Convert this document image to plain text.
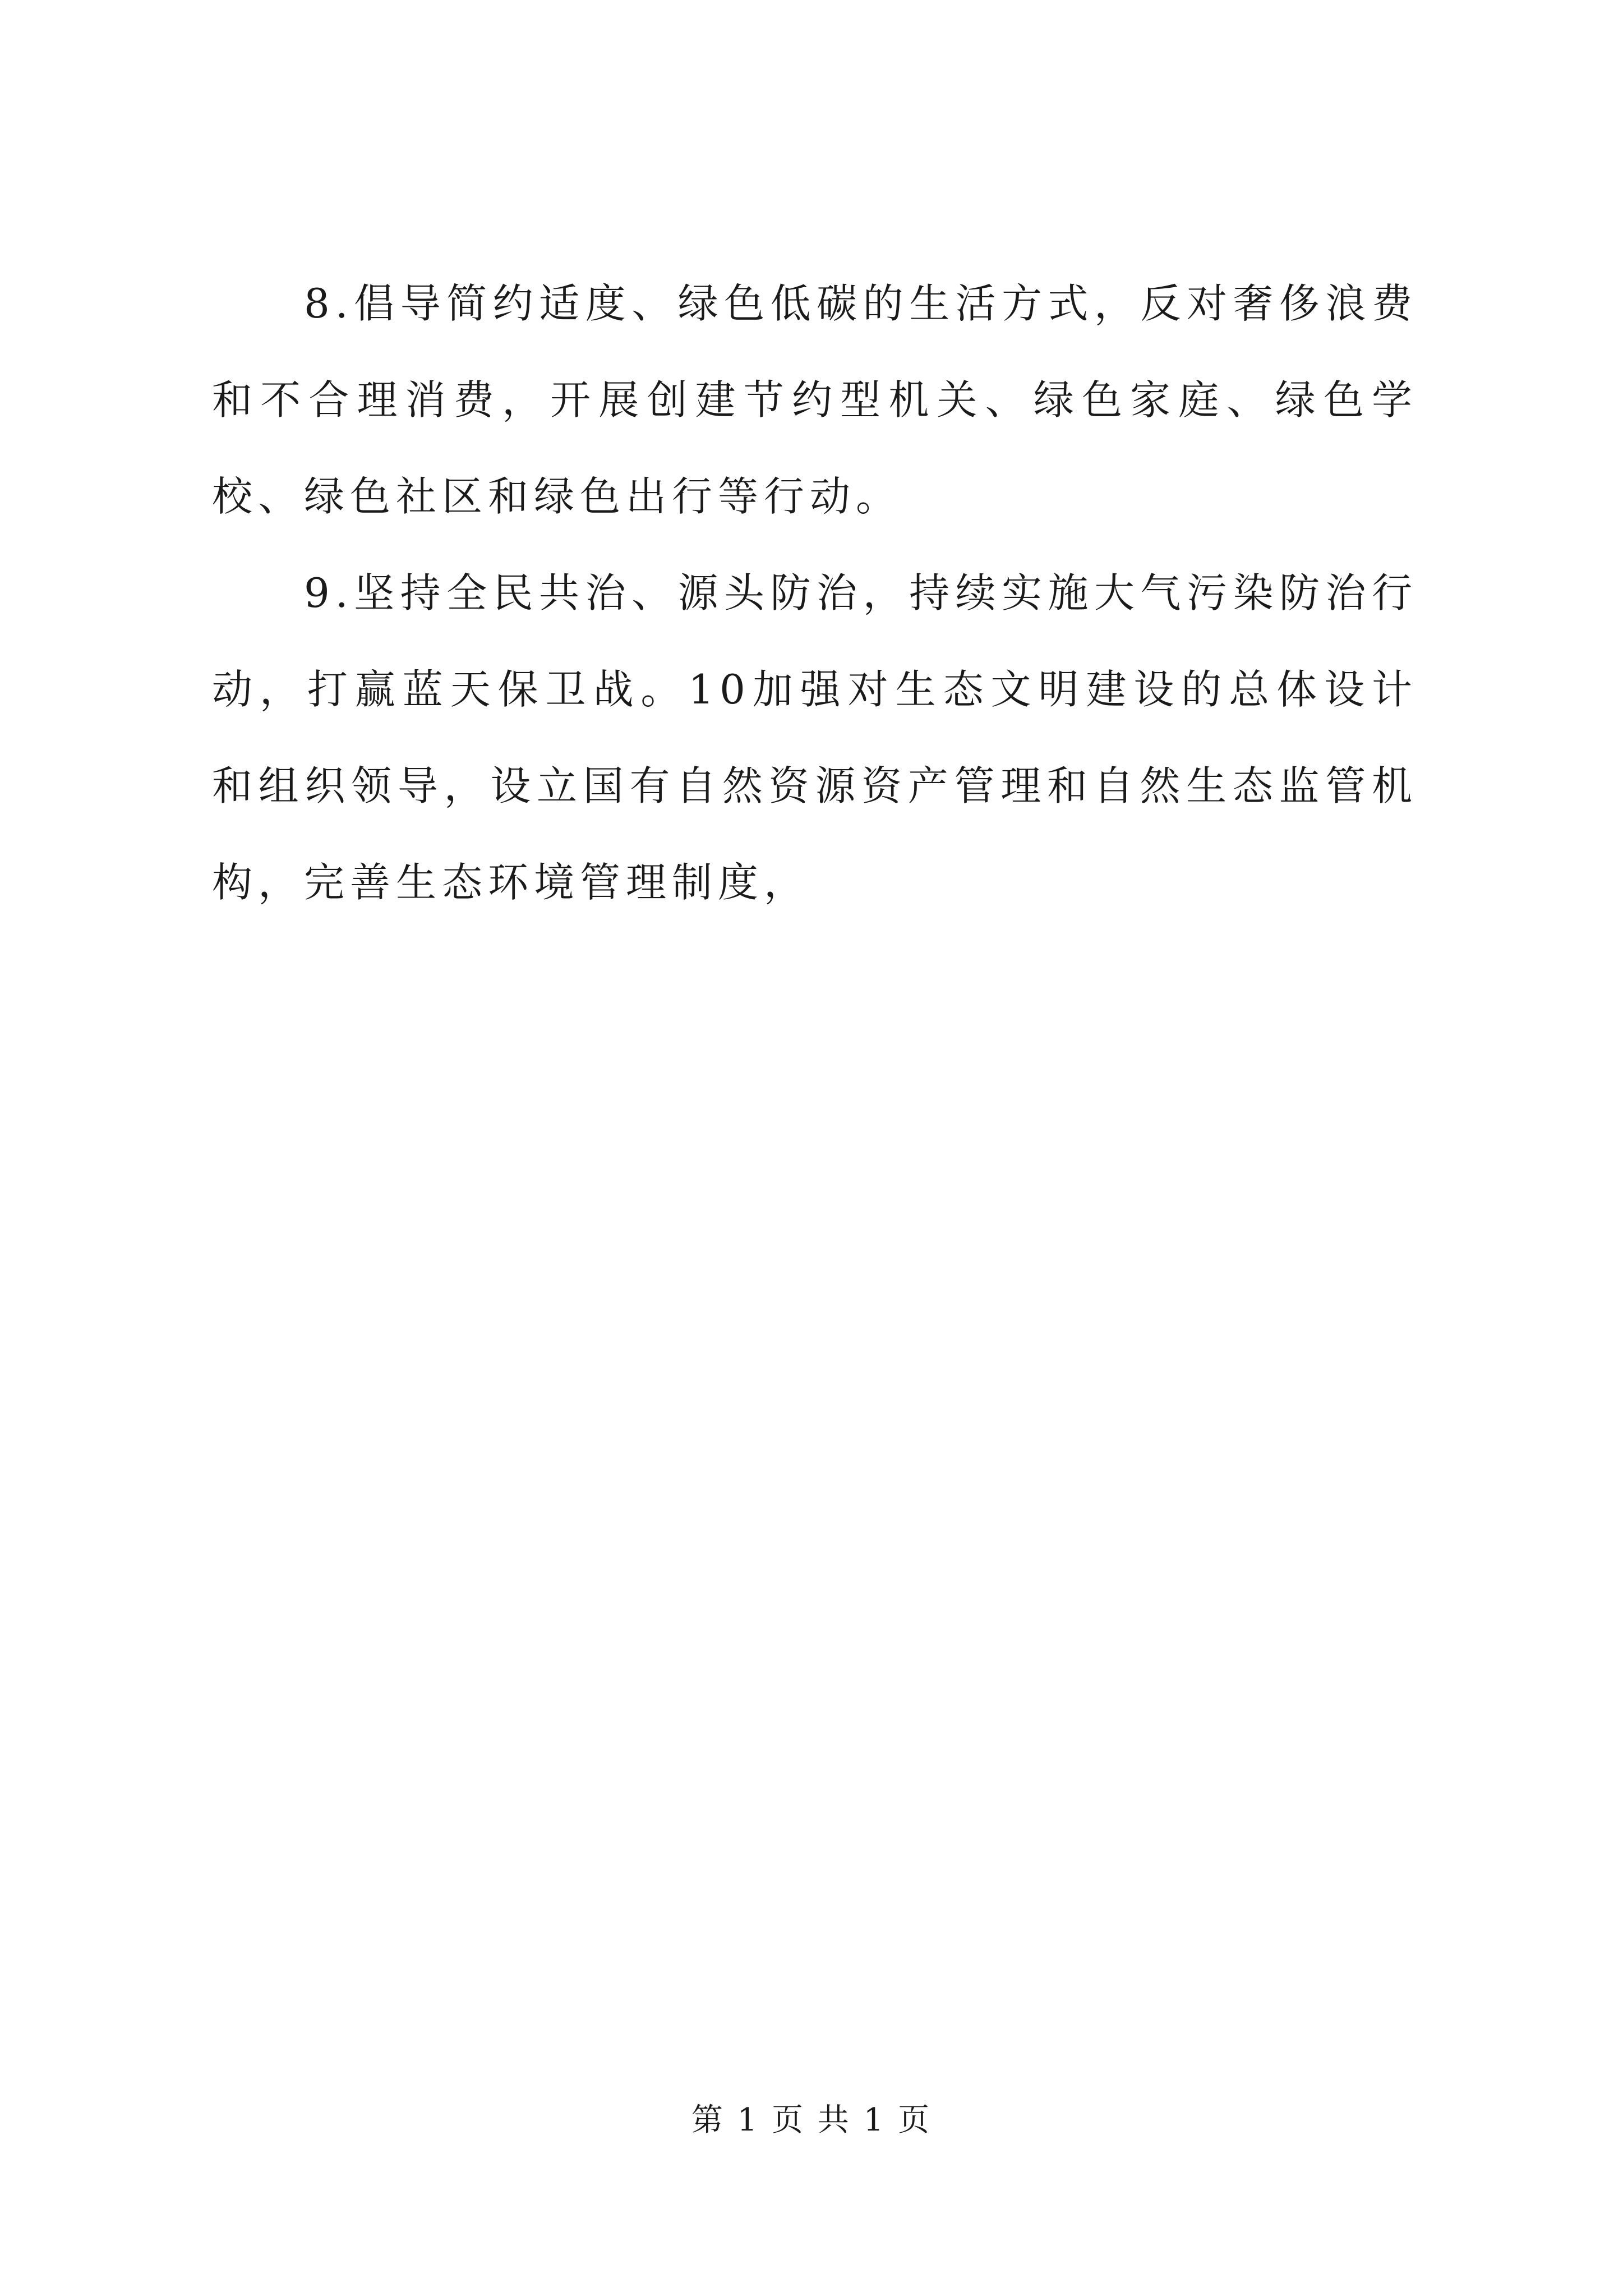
8.倡导简约适度、绿色低碳的生活方式，反对奢侈浪费和不合理消费，开展创建节约型机关、绿色家庭、绿色学校、绿色社区和绿色出行等行动。

9.坚持全民共治、源头防治，持续实施大气污染防治行动，打赢蓝天保卫战。10加强对生态文明建设的总体设计和组织领导，设立国有自然资源资产管理和自然生态监管机构，完善生态环境管理制度，

第 1 页 共 1 页
